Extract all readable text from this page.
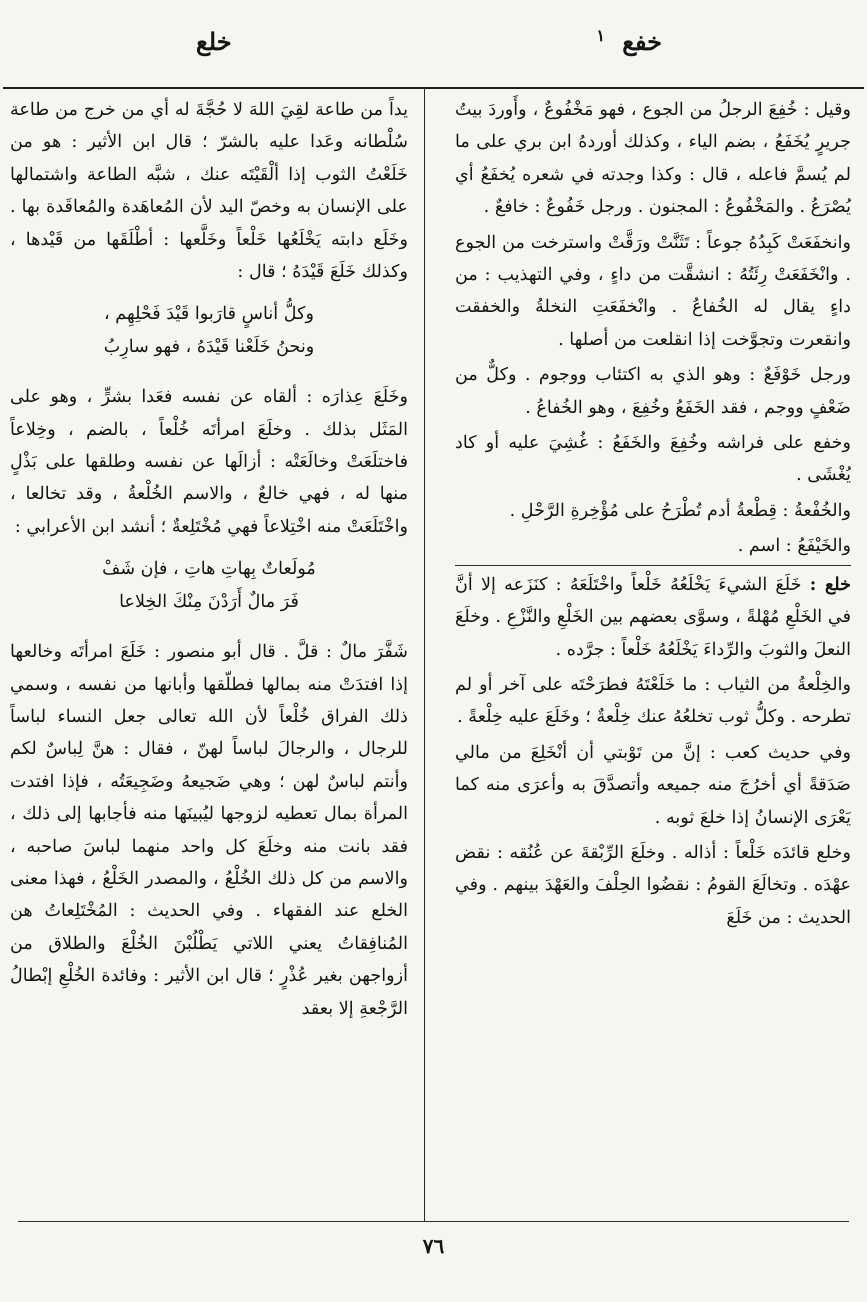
خفع
١
خلع

وقيل : خُفِعَ الرجلُ من الجوع ، فهو مَخْفُوعٌ ، وأَوردَ بيتُ جريرٍ يُخَفَعُ ، بضم الياء ، وكذلك أوردهُ ابن بري على ما لم يُسمَّ فاعله ، قال : وكذا وجدته في شعره يُخفَعُ أي يُصْرَعُ . والمَخْفُوعُ : المجنون . ورجل خَفُوعٌ : خافعٌ .

وانخفَعَتْ كَبِدُهُ جوعاً : تَثَنَّتْ ورَقَّتْ واسترخت من الجوع . وانْخَفَعَتْ رِئَتُهُ : انشقَّت من داءٍ ، وفي التهذيب : من داءٍ يقال له الخُفاعُ . وانْخفَعَتِ النخلةُ والخفقت وانقعرت وتجوَّخت إذا انقلعت من أصلها .

ورجل خَوْفَعٌ : وهو الذي به اكتئاب ووجوم . وكلٌّ من ضَعْفٍ ووجم ، فقد الخَفَعُ وخُفِعَ ، وهو الخُفاعُ .

وخفع على فراشه وخُفِعَ والخَفَعُ : غُشِيَ عليه أو كاد يُغْشَى .

والخُفْعةُ : قِطْعةُ أدم تُطْرَحُ على مُؤْخِرةِ الرَّحْلِ .

والخَيْفَعُ : اسم .

خلع : خَلَعَ الشيءَ يَخْلَعُهُ خَلْعاً واخْتَلَعَهُ : كنَزَعه إلا أنَّ في الخَلْعِ مُهْلةً ، وسوَّى بعضهم بين الخَلْعِ والنَّزْعِ . وخلَعَ النعلَ والثوبَ والرِّداءَ يَخْلَعُهُ خَلْعاً : جرَّده .

والخِلْعةُ من الثياب : ما خَلَعْتَهُ فطرَحْتَه على آخر أو لم تطرحه . وكلُّ ثوب تخلعُهُ عنك خِلْعةٌ ؛ وخَلَعَ عليه خِلْعةً .

وفي حديث كعب : إنَّ من تَوْبتي أن أنْخَلِعَ من مالي صَدَقةً أي أخرُجَ منه جميعه وأتصدَّقَ به وأعرَى منه كما يَعْرَى الإنسانُ إذا خلعَ ثوبه .

وخلع قائدَه خَلْعاً : أذاله . وخلَعَ الرِّبْقةَ عن عُنُقه : نقض عهْدَه . وتخالَعَ القومُ : نقضُوا الحِلْفَ والعَهْدَ بينهم . وفي الحديث : من خَلَعَ

يداً من طاعة لقِيَ اللهَ لا حُجَّةَ له أي من خرج من طاعة سُلْطانه وعَدا عليه بالشرّ ؛ قال ابن الأثير : هو من خَلَعْتُ الثوب إذا ألْقَيْتَه عنك ، شبَّه الطاعة واشتمالها على الإنسان به وخصّ اليد لأن المُعاهَدة والمُعاقَدة بها . وخَلَع دابته يَخْلَعُها خَلْعاً وخَلَّعها : أطْلَقَها من قَيْدها ، وكذلك خَلَعَ قَيْدَهُ ؛ قال :

وكلُّ أناسٍ قارَبوا قَيْدَ فَحْلِهِم ،
ونحنُ خَلَعْنا قَيْدَهُ ، فهو سارِبُ

وخَلَعَ عِذارَه : ألقاه عن نفسه فعَدا بشرٍّ ، وهو على المَثَل بذلك . وخلَعَ امرأتَه خُلْعاً ، بالضم ، وخِلاعاً فاختلَعَتْ وخالَعَتْه : أزالَها عن نفسه وطلقها على بَذْلٍ منها له ، فهي خالعٌ ، والاسم الخُلْعةُ ، وقد تخالعا ، واخْتَلَعَتْ منه اخْتِلاعاً فهي مُخْتَلِعةٌ ؛ أنشد ابن الأعرابي :

مُولَعاتٌ بِهاتِ هاتِ ، فإن شَفْ
فَرَ مالٌ أَرَدْنَ مِنْكَ الخِلاعا

شَفَّرَ مالٌ : قلَّ . قال أبو منصور : خَلَعَ امرأتَه وخالعها إذا افتدَتْ منه بمالها فطلّقها وأبانها من نفسه ، وسمي ذلك الفراق خُلْعاً لأن الله تعالى جعل النساء لباساً للرجال ، والرجالَ لباساً لهنّ ، فقال : هنَّ لِباسٌ لكم وأنتم لباسٌ لهن ؛ وهي ضَجيعهُ وضَجِيعَتُه ، فإذا افتدت المرأة بمال تعطيه لزوجها ليُبينَها منه فأجابها إلى ذلك ، فقد بانت منه وخلَعَ كل واحد منهما لباسَ صاحبه ، والاسم من كل ذلك الخُلْعُ ، والمصدر الخَلْعُ ، فهذا معنى الخلع عند الفقهاء . وفي الحديث : المُخْتَلِعاتُ هن المُنافِقاتُ يعني اللاتي يَطْلُبْنَ الخُلْعَ والطلاق من أزواجهن بغير عُذْرٍ ؛ قال ابن الأثير : وفائدة الخُلْعِ إبْطالُ الرَّجْعةِ إلا بعقد

٧٦
